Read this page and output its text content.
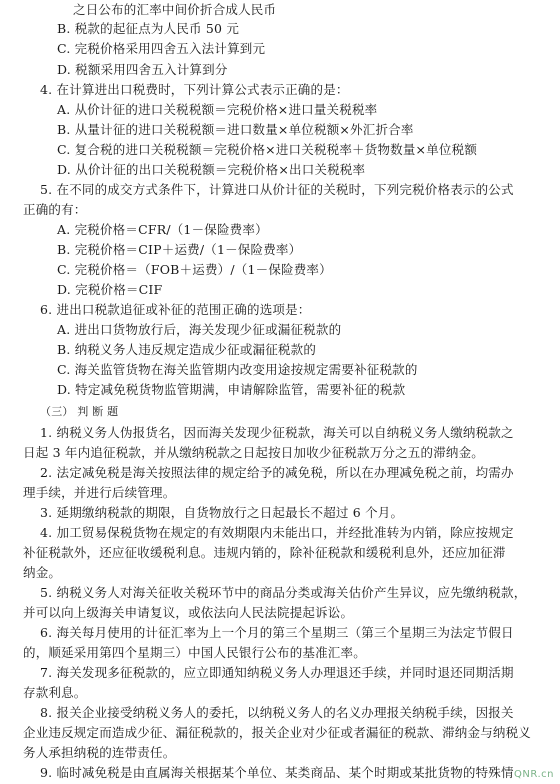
之日公布的汇率中间价折合成人民币
B. 税款的起征点为人民币 50 元
C. 完税价格采用四舍五入法计算到元
D. 税额采用四舍五入计算到分
4. 在计算进出口税费时，下列计算公式表示正确的是：
A. 从价计征的进口关税税额＝完税价格×进口量关税税率
B. 从量计征的进口关税税额＝进口数量×单位税额×外汇折合率
C. 复合税的进口关税税额＝完税价格×进口关税税率＋货物数量×单位税额
D. 从价计征的出口关税税额＝完税价格×出口关税税率
5. 在不同的成交方式条件下，计算进口从价计征的关税时，下列完税价格表示的公式
正确的有：
A. 完税价格＝CFR/（1－保险费率）
B. 完税价格＝CIP＋运费/（1－保险费率）
C. 完税价格＝（FOB＋运费）/（1－保险费率）
D. 完税价格＝CIF
6. 进出口税款追征或补征的范围正确的选项是：
A. 进出口货物放行后，海关发现少征或漏征税款的
B. 纳税义务人违反规定造成少征或漏征税款的
C. 海关监管货物在海关监管期内改变用途按规定需要补征税款的
D. 特定减免税货物监管期满，申请解除监管，需要补征的税款
（三） 判 断 题
1. 纳税义务人伪报货名，因而海关发现少征税款，海关可以自纳税义务人缴纳税款之
日起 3 年内追征税款，并从缴纳税款之日起按日加收少征税款万分之五的滞纳金。
2. 法定减免税是海关按照法律的规定给予的减免税，所以在办理减免税之前，均需办
理手续，并进行后续管理。
3. 延期缴纳税款的期限，自货物放行之日起最长不超过 6 个月。
4. 加工贸易保税货物在规定的有效期限内未能出口，并经批准转为内销，除应按规定
补征税款外，还应征收缓税利息。违规内销的，除补征税款和缓税利息外，还应加征滞
纳金。
5. 纳税义务人对海关征收关税环节中的商品分类或海关估价产生异议，应先缴纳税款，
并可以向上级海关申请复议，或依法向人民法院提起诉讼。
6. 海关每月使用的计征汇率为上一个月的第三个星期三（第三个星期三为法定节假日
的，顺延采用第四个星期三）中国人民银行公布的基准汇率。
7. 海关发现多征税款的，应立即通知纳税义务人办理退还手续，并同时退还同期活期
存款利息。
8. 报关企业接受纳税义务人的委托，以纳税义务人的名义办理报关纳税手续，因报关
企业违反规定而造成少征、漏征税款的，报关企业对少征或者漏征的税款、滞纳金与纳税义
务人承担纳税的连带责任。
9. 临时减免税是由直属海关根据某个单位、某类商品、某个时期或某批货物的特殊情 QNR.cn
